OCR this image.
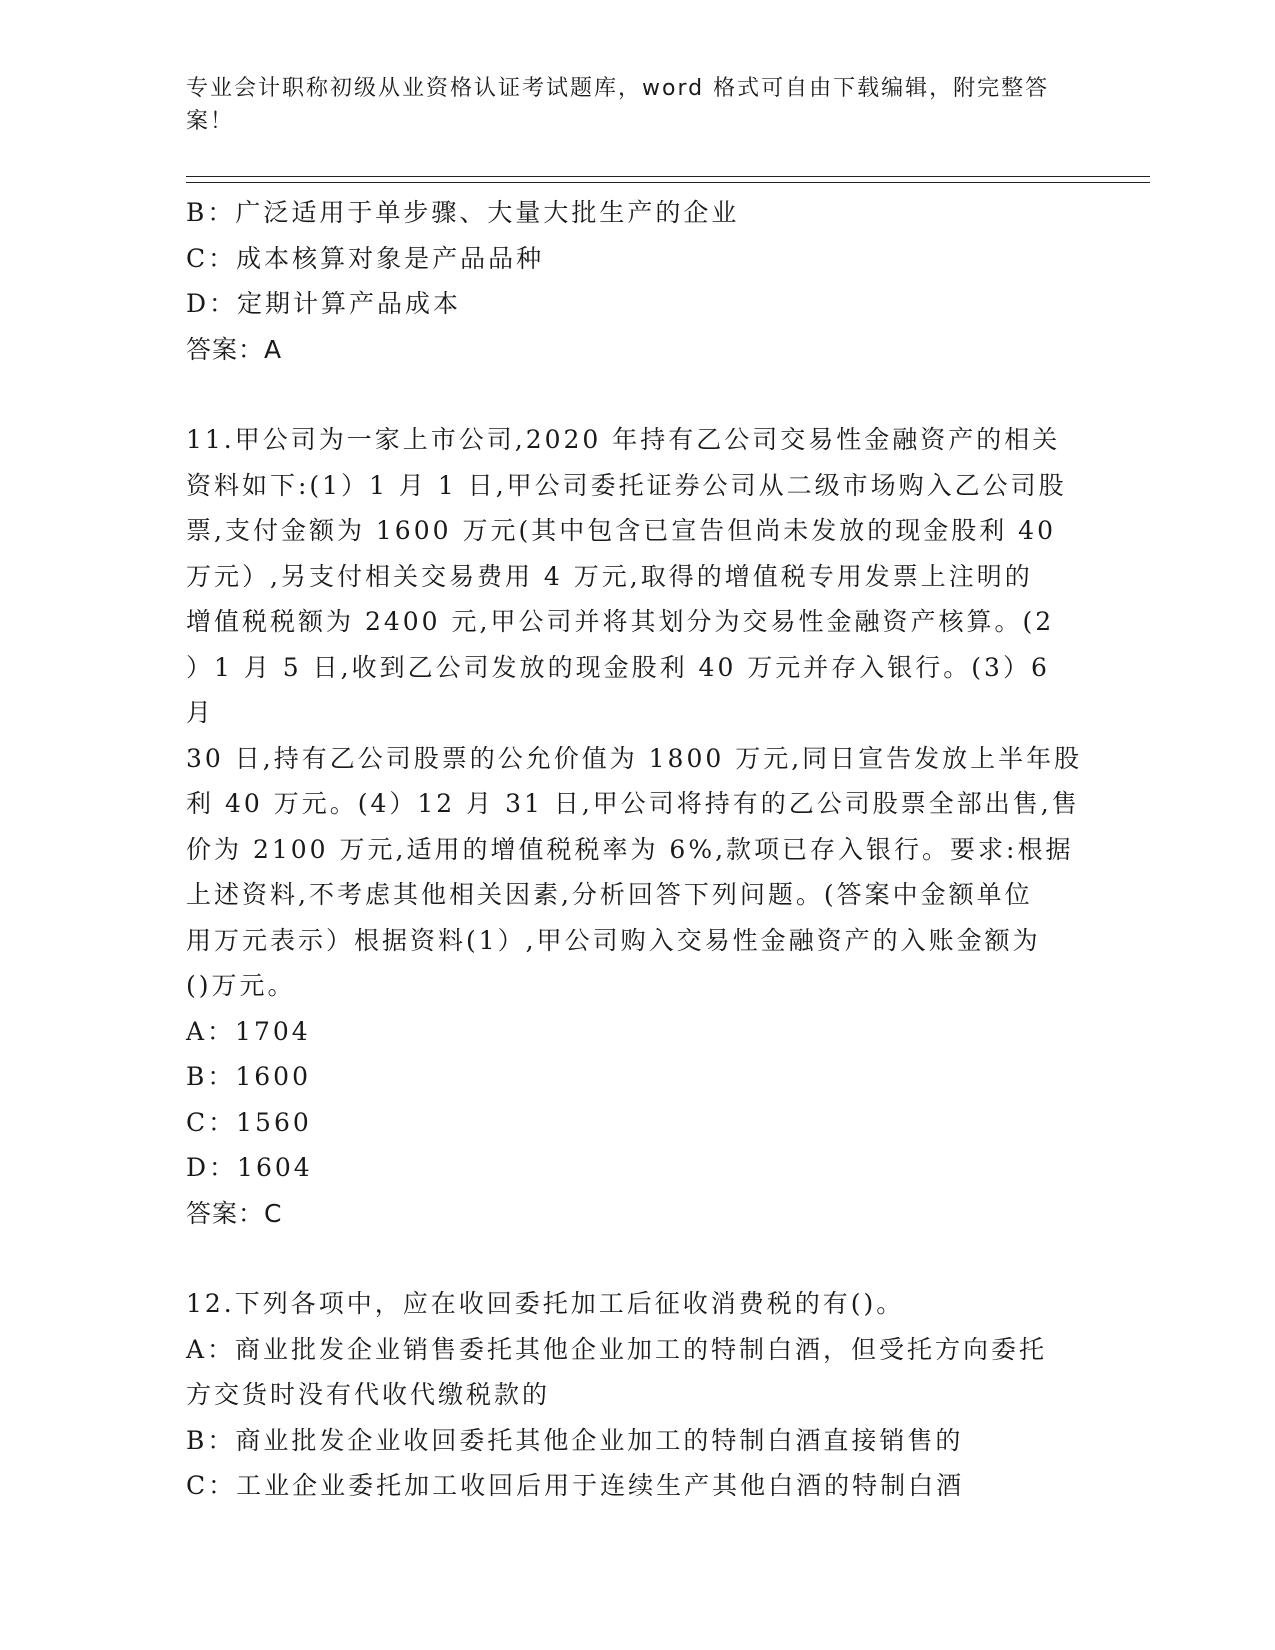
专业会计职称初级从业资格认证考试题库，word 格式可自由下载编辑，附完整答
案！
B：广泛适用于单步骤、大量大批生产的企业
C：成本核算对象是产品品种
D：定期计算产品成本
答案：A
11.甲公司为一家上市公司,2020 年持有乙公司交易性金融资产的相关
资料如下:(1）1 月 1 日,甲公司委托证券公司从二级市场购入乙公司股
票,支付金额为 1600 万元(其中包含已宣告但尚未发放的现金股利 40
万元）,另支付相关交易费用 4 万元,取得的增值税专用发票上注明的
增值税税额为 2400 元,甲公司并将其划分为交易性金融资产核算。(2
）1 月 5 日,收到乙公司发放的现金股利 40 万元并存入银行。(3）6 月
30 日,持有乙公司股票的公允价值为 1800 万元,同日宣告发放上半年股
利 40 万元。(4）12 月 31 日,甲公司将持有的乙公司股票全部出售,售
价为 2100 万元,适用的增值税税率为 6%,款项已存入银行。要求:根据
上述资料,不考虑其他相关因素,分析回答下列问题。(答案中金额单位
用万元表示）根据资料(1）,甲公司购入交易性金融资产的入账金额为
()万元。
A：1704
B：1600
C：1560
D：1604
答案：C
12.下列各项中，应在收回委托加工后征收消费税的有()。
A：商业批发企业销售委托其他企业加工的特制白酒，但受托方向委托
方交货时没有代收代缴税款的
B：商业批发企业收回委托其他企业加工的特制白酒直接销售的
C：工业企业委托加工收回后用于连续生产其他白酒的特制白酒
